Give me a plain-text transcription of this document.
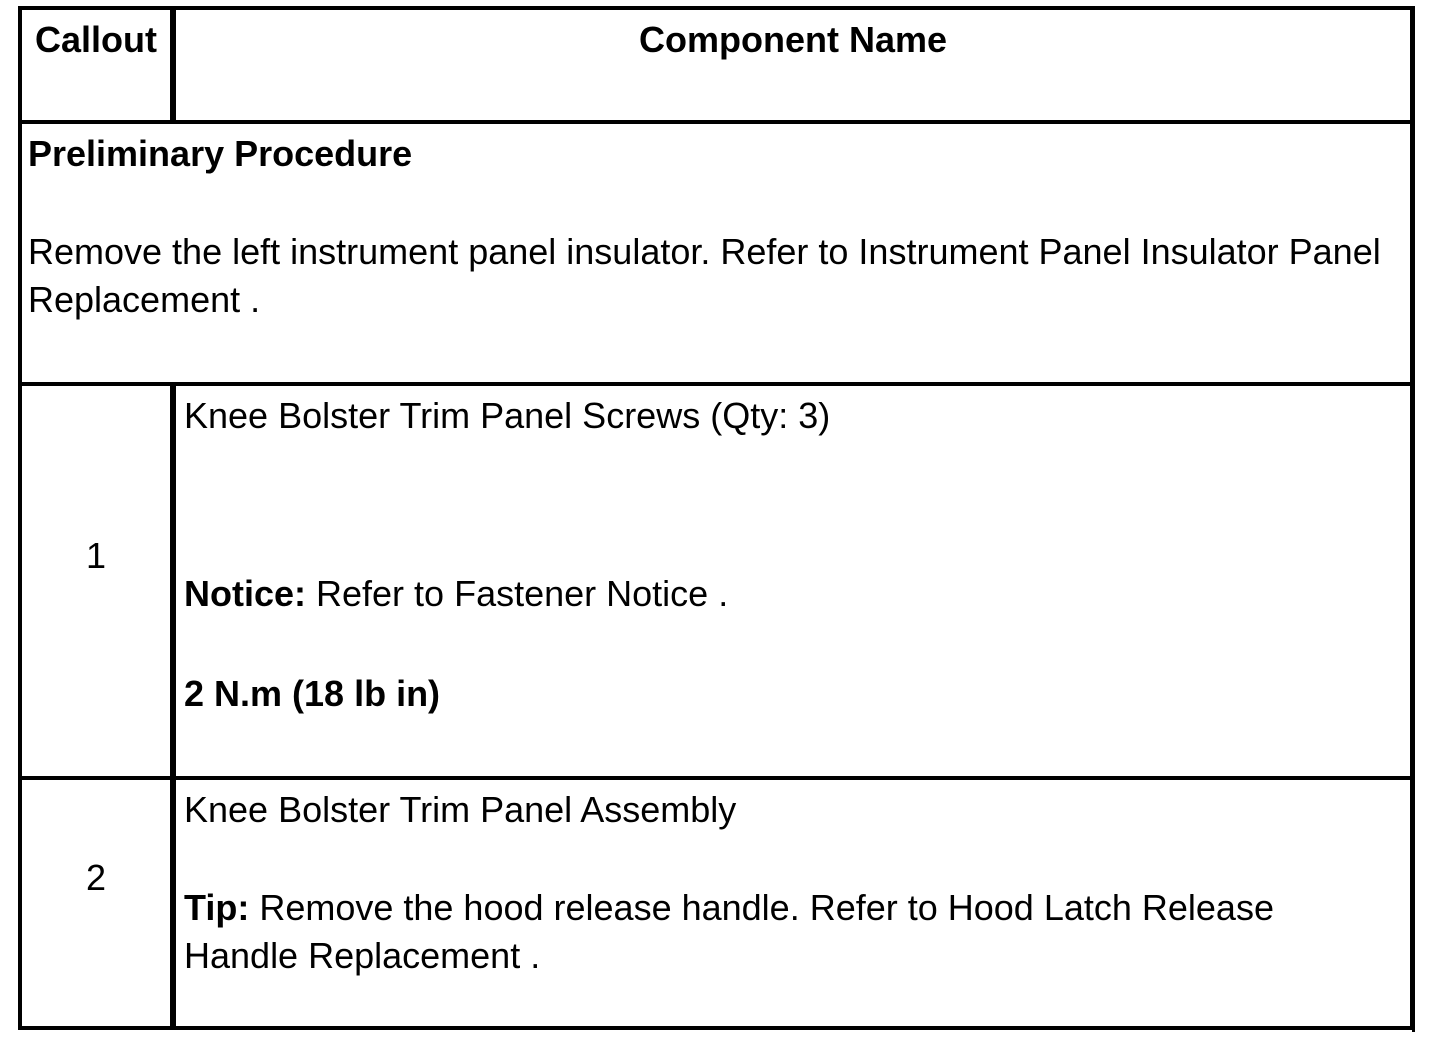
Callout	Component Name
Preliminary Procedure
Remove the left instrument panel insulator. Refer to Instrument Panel Insulator Panel Replacement .
1
Knee Bolster Trim Panel Screws (Qty: 3)
Notice: Refer to Fastener Notice .
2 N.m (18 lb in)
2
Knee Bolster Trim Panel Assembly
Tip: Remove the hood release handle. Refer to Hood Latch Release Handle Replacement .
